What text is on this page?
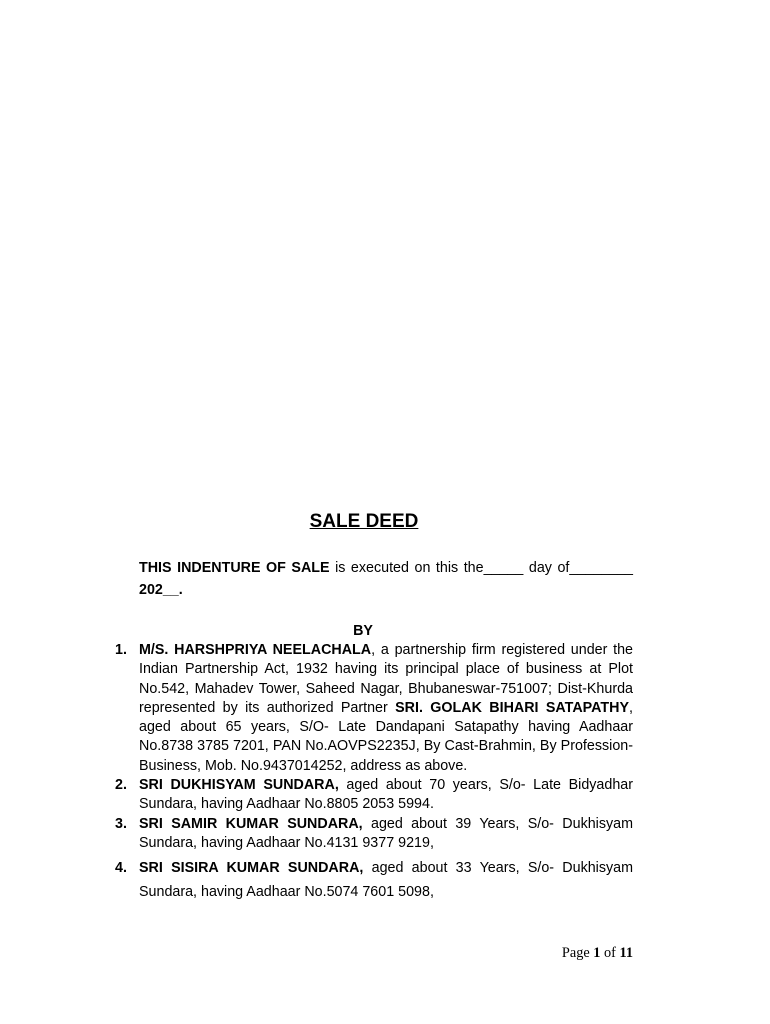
SALE DEED
THIS INDENTURE OF SALE is executed on this the_____ day of________ 202__.
BY
1. M/S. HARSHPRIYA NEELACHALA, a partnership firm registered under the Indian Partnership Act, 1932 having its principal place of business at Plot No.542, Mahadev Tower, Saheed Nagar, Bhubaneswar-751007; Dist-Khurda represented by its authorized Partner SRI. GOLAK BIHARI SATAPATHY, aged about 65 years, S/O- Late Dandapani Satapathy having Aadhaar No.8738 3785 7201, PAN No.AOVPS2235J, By Cast-Brahmin, By Profession-Business, Mob. No.9437014252, address as above.
2. SRI DUKHISYAM SUNDARA, aged about 70 years, S/o- Late Bidyadhar Sundara, having Aadhaar No.8805 2053 5994.
3. SRI SAMIR KUMAR SUNDARA, aged about 39 Years, S/o- Dukhisyam Sundara, having Aadhaar No.4131 9377 9219,
4. SRI SISIRA KUMAR SUNDARA, aged about 33 Years, S/o- Dukhisyam Sundara, having Aadhaar No.5074 7601 5098,
Page 1 of 11
